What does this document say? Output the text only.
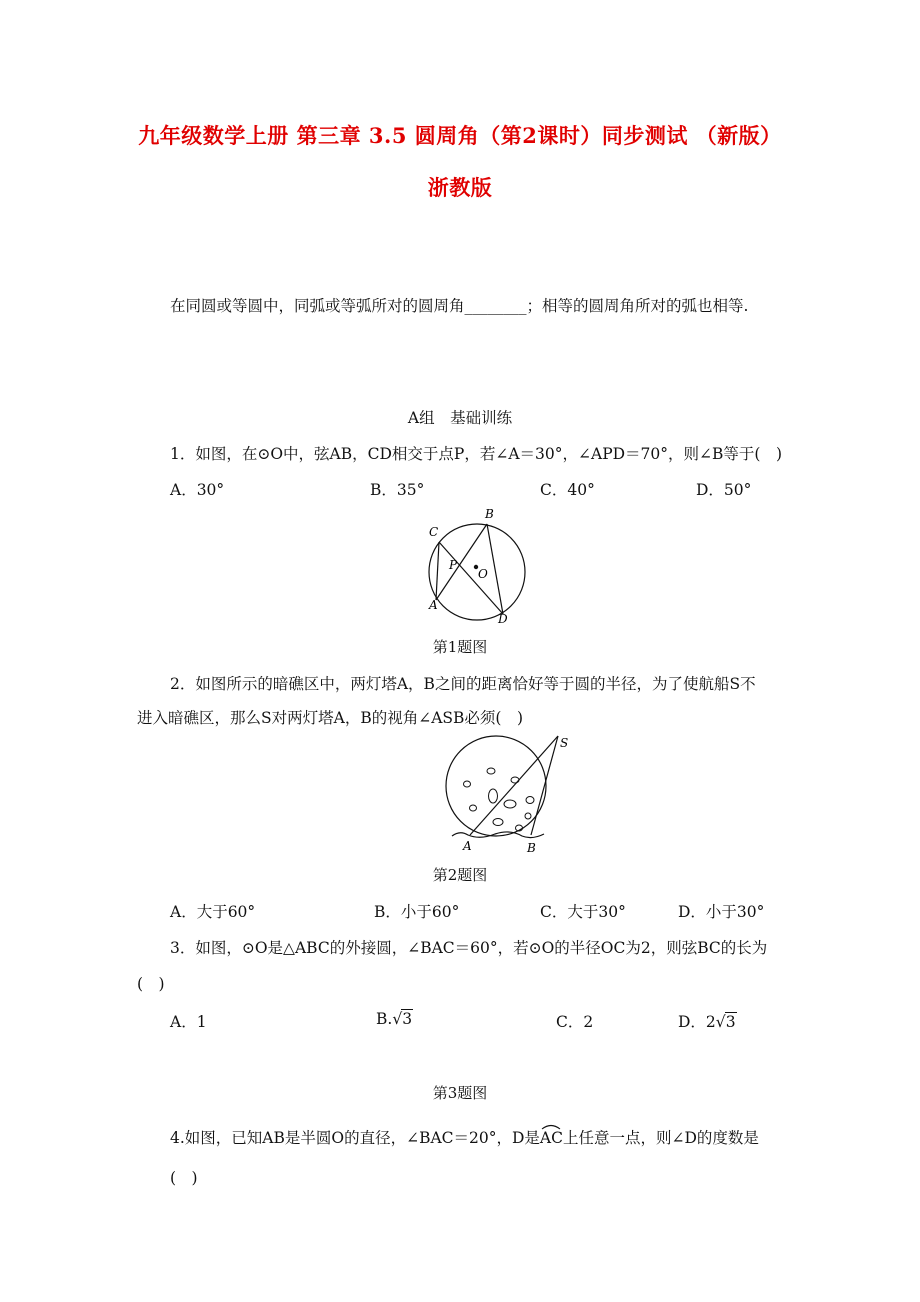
九年级数学上册 第三章 3.5 圆周角（第2课时）同步测试 （新版）
浙教版
在同圆或等圆中，同弧或等弧所对的圆周角________；相等的圆周角所对的弧也相等.
A组　基础训练
1．如图，在⊙O中，弦AB，CD相交于点P，若∠A＝30°，∠APD＝70°，则∠B等于(　)
A．30°	B．35°	C．40°	D．50°
C
B
P
O
A
D
第1题图
2．如图所示的暗礁区中，两灯塔A，B之间的距离恰好等于圆的半径，为了使航船S不
进入暗礁区，那么S对两灯塔A，B的视角∠ASB必须(　)
S
A	B
第2题图
A．大于60°	B．小于60°	C．大于30°	D．小于30°
3．如图，⊙O是△ABC的外接圆，∠BAC＝60°，若⊙O的半径OC为2，则弦BC的长为
(　)
A．1	B.√3	C．2	D．2√3
第3题图
4.如图，已知AB是半圆O的直径，∠BAC＝20°，D是
AC上任意一点，则∠D的度数是
(　)
